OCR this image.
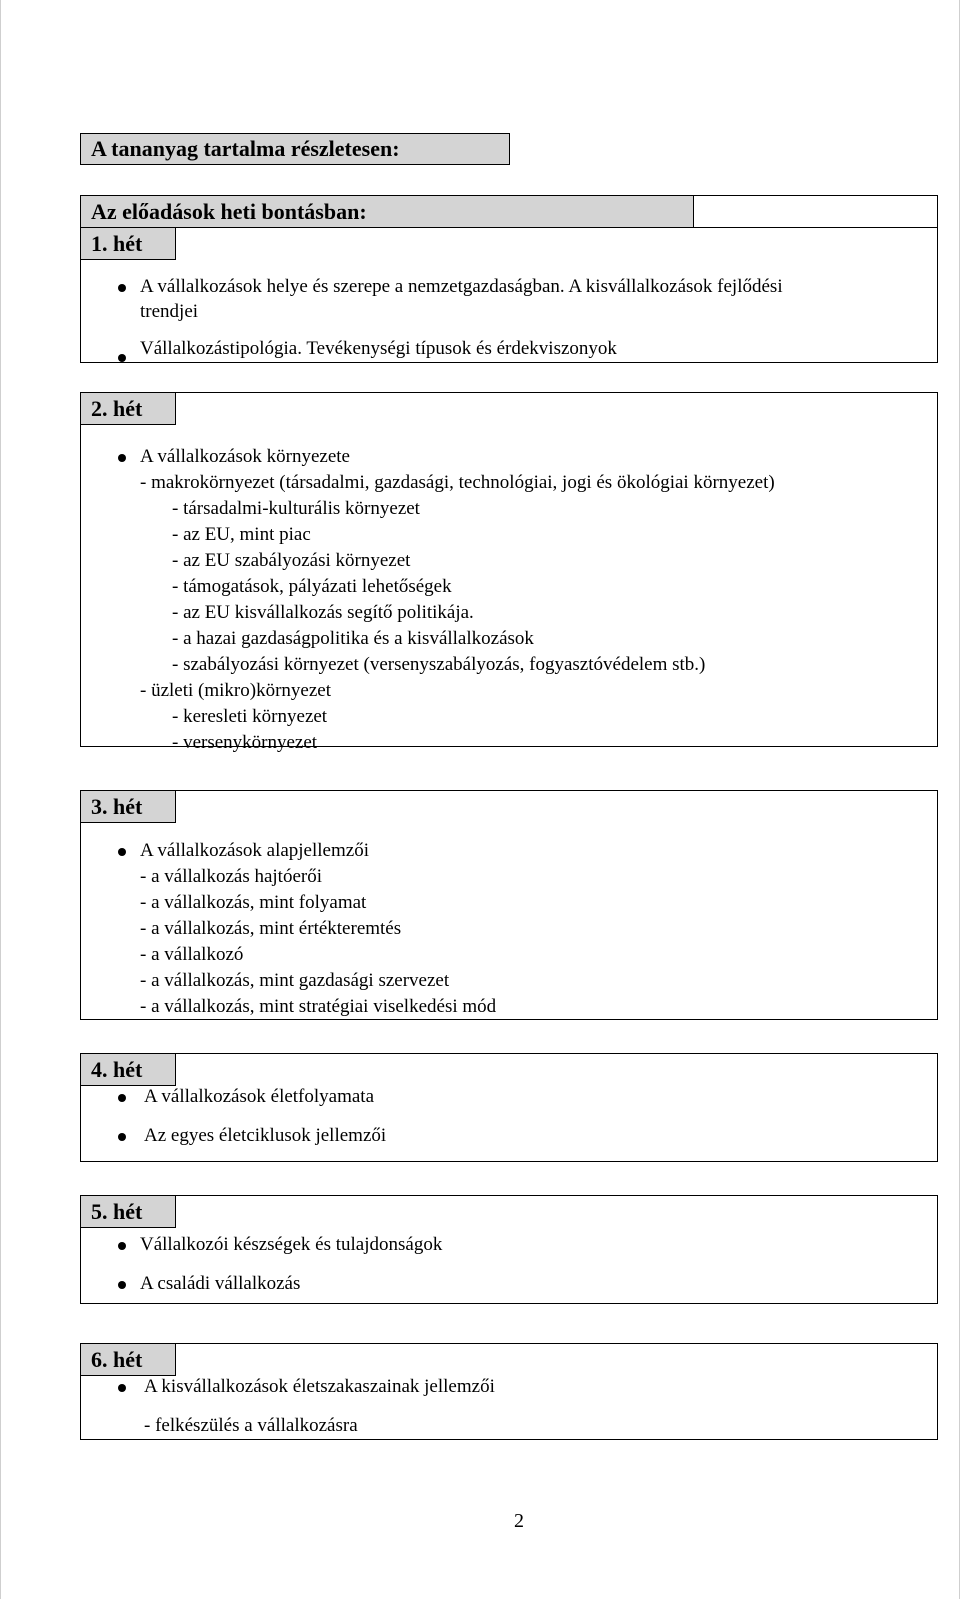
A tananyag tartalma részletesen:
Az előadások heti bontásban:
1. hét
A vállalkozások helye és szerepe a nemzetgazdaságban. A kisvállalkozások fejlődési
trendjei
Vállalkozástipológia. Tevékenységi típusok és érdekviszonyok
2. hét
A vállalkozások környezete
- makrokörnyezet (társadalmi, gazdasági, technológiai, jogi és ökológiai környezet)
- társadalmi-kulturális környezet
- az EU, mint piac
- az EU szabályozási környezet
- támogatások, pályázati lehetőségek
- az EU kisvállalkozás segítő politikája.
- a hazai gazdaságpolitika és a kisvállalkozások
- szabályozási környezet (versenyszabályozás, fogyasztóvédelem stb.)
- üzleti (mikro)környezet
- keresleti környezet
- versenykörnyezet
3. hét
A vállalkozások alapjellemzői
- a vállalkozás hajtóerői
- a vállalkozás, mint folyamat
- a vállalkozás, mint értékteremtés
- a vállalkozó
- a vállalkozás, mint gazdasági szervezet
- a vállalkozás, mint stratégiai viselkedési mód
4. hét
A vállalkozások életfolyamata
Az egyes életciklusok jellemzői
5. hét
Vállalkozói készségek és tulajdonságok
A családi vállalkozás
6. hét
A kisvállalkozások életszakaszainak jellemzői
- felkészülés a vállalkozásra
2
